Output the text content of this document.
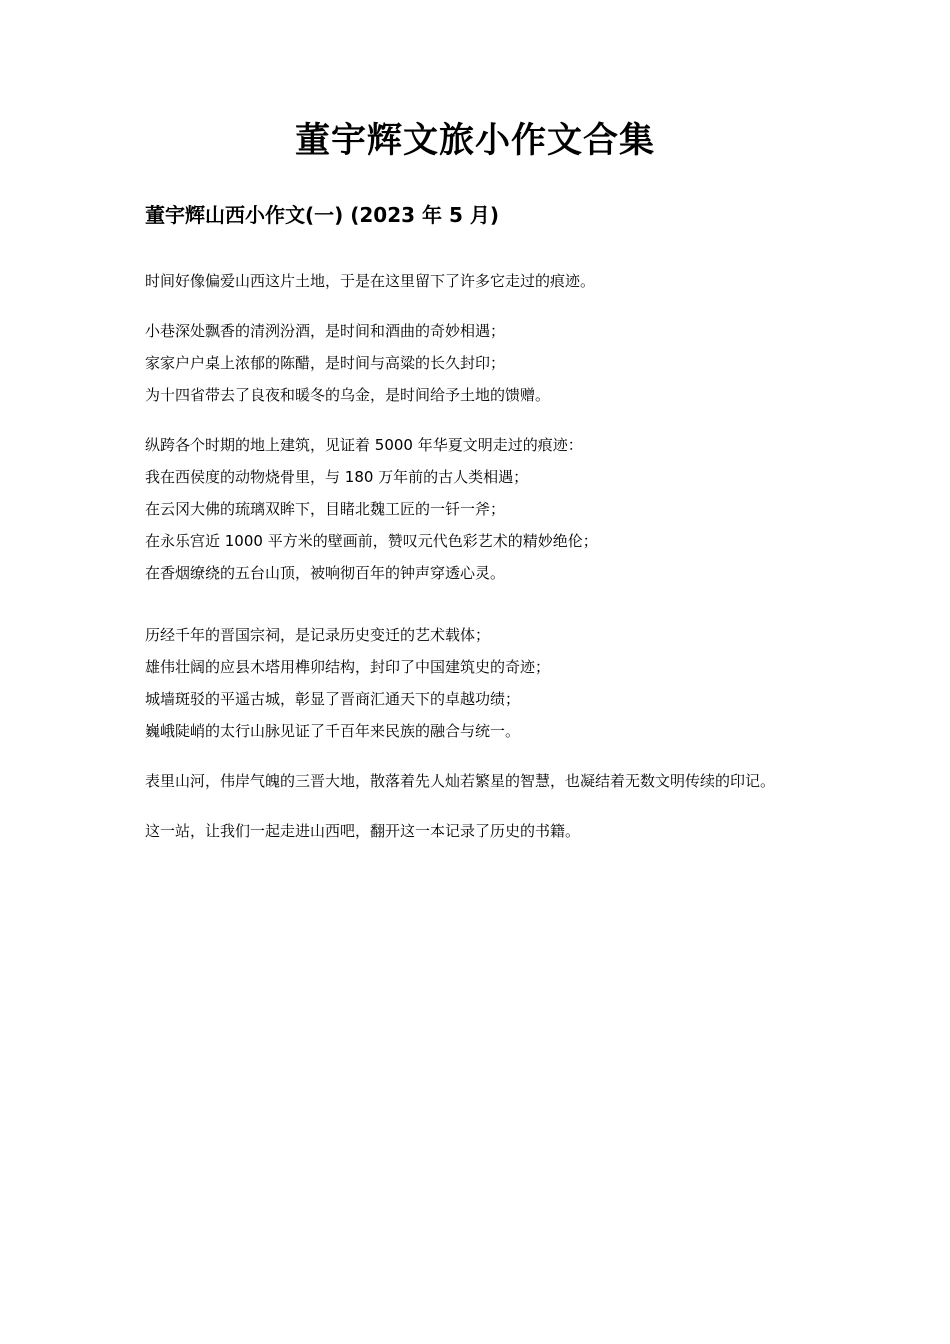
董宇辉文旅小作文合集
董宇辉山西小作文(一) (2023 年 5 月)
时间好像偏爱山西这片土地，于是在这里留下了许多它走过的痕迹。
小巷深处飘香的清洌汾酒，是时间和酒曲的奇妙相遇；
家家户户桌上浓郁的陈醋，是时间与高粱的长久封印；
为十四省带去了良夜和暖冬的乌金，是时间给予土地的馈赠。
纵跨各个时期的地上建筑，见证着 5000 年华夏文明走过的痕迹：
我在西侯度的动物烧骨里，与 180 万年前的古人类相遇；
在云冈大佛的琉璃双眸下，目睹北魏工匠的一钎一斧；
在永乐宫近 1000 平方米的壁画前，赞叹元代色彩艺术的精妙绝伦；
在香烟缭绕的五台山顶，被响彻百年的钟声穿透心灵。
历经千年的晋国宗祠，是记录历史变迁的艺术载体；
雄伟壮阔的应县木塔用榫卯结构，封印了中国建筑史的奇迹；
城墙斑驳的平遥古城，彰显了晋商汇通天下的卓越功绩；
巍峨陡峭的太行山脉见证了千百年来民族的融合与统一。
表里山河，伟岸气魄的三晋大地，散落着先人灿若繁星的智慧，也凝结着无数文明传续的印记。
这一站，让我们一起走进山西吧，翻开这一本记录了历史的书籍。
